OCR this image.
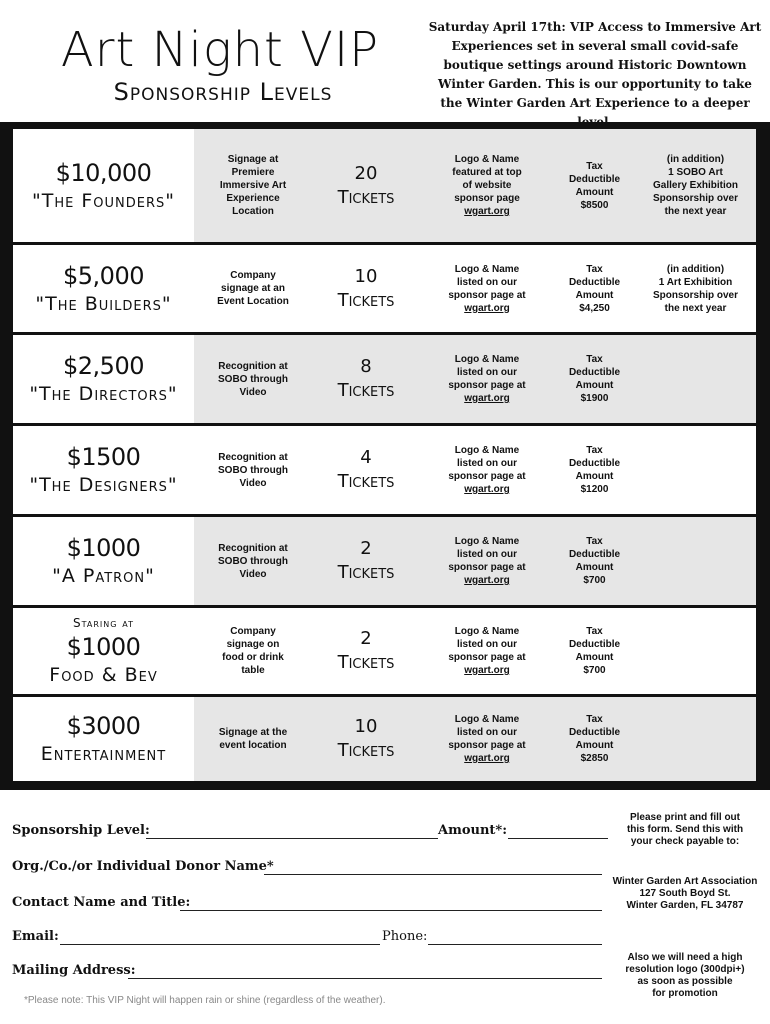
Art Night VIP
Sponsorship Levels
Saturday April 17th: VIP Access to Immersive Art Experiences set in several small covid-safe boutique settings around Historic Downtown Winter Garden. This is our opportunity to take the Winter Garden Art Experience to a deeper
$10,000
"The Founders"
Signage at
Premiere
Immersive Art
Experience
Location
20
Tickets
Logo & Name
featured at top
of website
sponsor page
wgart.org
Tax
Deductible
Amount
$8500
(in addition)
1 SOBO Art
Gallery Exhibition
Sponsorship over
the next year
$5,000
"The Builders"
Company
signage at an
Event Location
10
Tickets
Logo & Name
listed on our
sponsor page at
wgart.org
Tax
Deductible
Amount
$4,250
(in addition)
1 Art Exhibition
Sponsorship over
the next year
$2,500
"The Directors"
Recognition at
SOBO through
Video
8
Tickets
Logo & Name
listed on our
sponsor page at
wgart.org
Tax
Deductible
Amount
$1900
$1500
"The Designers"
Recognition at
SOBO through
Video
4
Tickets
Logo & Name
listed on our
sponsor page at
wgart.org
Tax
Deductible
Amount
$1200
$1000
"A Patron"
Recognition at
SOBO through
Video
2
Tickets
Logo & Name
listed on our
sponsor page at
wgart.org
Tax
Deductible
Amount
$700
Staring at
$1000
Food & Bev
Company
signage on
food or drink
table
2
Tickets
Logo & Name
listed on our
sponsor page at
wgart.org
Tax
Deductible
Amount
$700
$3000
Entertainment
Signage at the
event location
10
Tickets
Logo & Name
listed on our
sponsor page at
wgart.org
Tax
Deductible
Amount
$2850
Sponsorship Level:	Amount*:
Org./Co./or Individual Donor Name*
Contact Name and Title:
Email:	Phone:
Mailing Address:
Please print and fill out
this form. Send this with
your check payable to:
Winter Garden Art Association
127 South Boyd St.
Winter Garden, FL 34787
Also we will need a high
resolution logo (300dpi+)
as soon as possible
for promotion
*Please note: This VIP Night will happen rain or shine (regardless of the weather).
